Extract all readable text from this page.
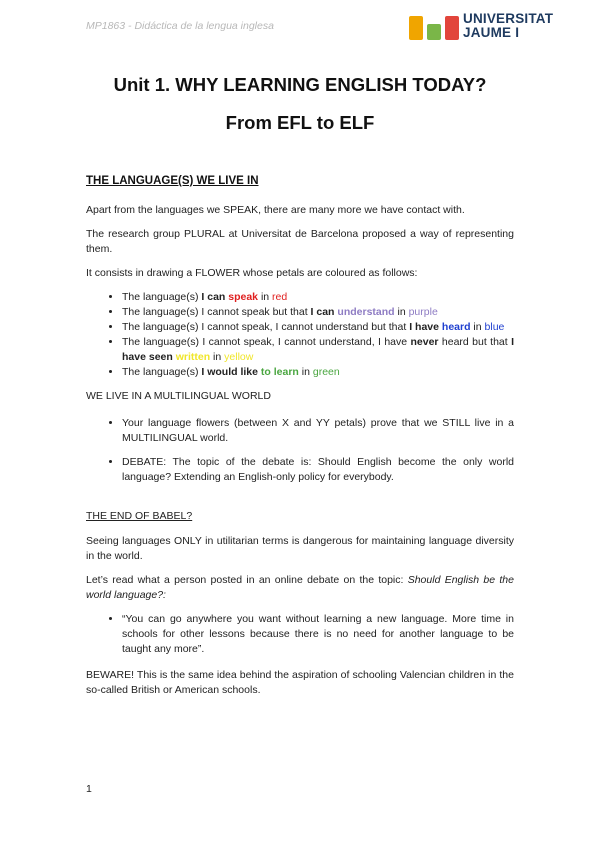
MP1863 - Didáctica de la lengua inglesa	UNIVERSITAT
JAUME I
Unit 1. WHY LEARNING ENGLISH TODAY?
From EFL to ELF
THE LANGUAGE(S) WE LIVE IN

Apart from the languages we SPEAK, there are many more we have contact with.

The research group PLURAL at Universitat de Barcelona proposed a way of representing them.

It consists in drawing a FLOWER whose petals are coloured as follows:

• The language(s) I can speak in red
• The language(s) I cannot speak but that I can understand in purple
• The language(s) I cannot speak, I cannot understand but that I have heard in blue
• The language(s) I cannot speak, I cannot understand, I have never heard but that I have seen written in yellow
• The language(s) I would like to learn in green

WE LIVE IN A MULTILINGUAL WORLD

• Your language flowers (between X and YY petals) prove that we STILL live in a MULTILINGUAL world.
• DEBATE: The topic of the debate is: Should English become the only world language? Extending an English-only policy for everybody.
THE END OF BABEL?

Seeing languages ONLY in utilitarian terms is dangerous for maintaining language diversity in the world.

Let’s read what a person posted in an online debate on the topic: Should English be the world language?:

• “You can go anywhere you want without learning a new language. More time in schools for other lessons because there is no need for another language to be taught any more”.

BEWARE! This is the same idea behind the aspiration of schooling Valencian children in the so-called British or American schools.

1
